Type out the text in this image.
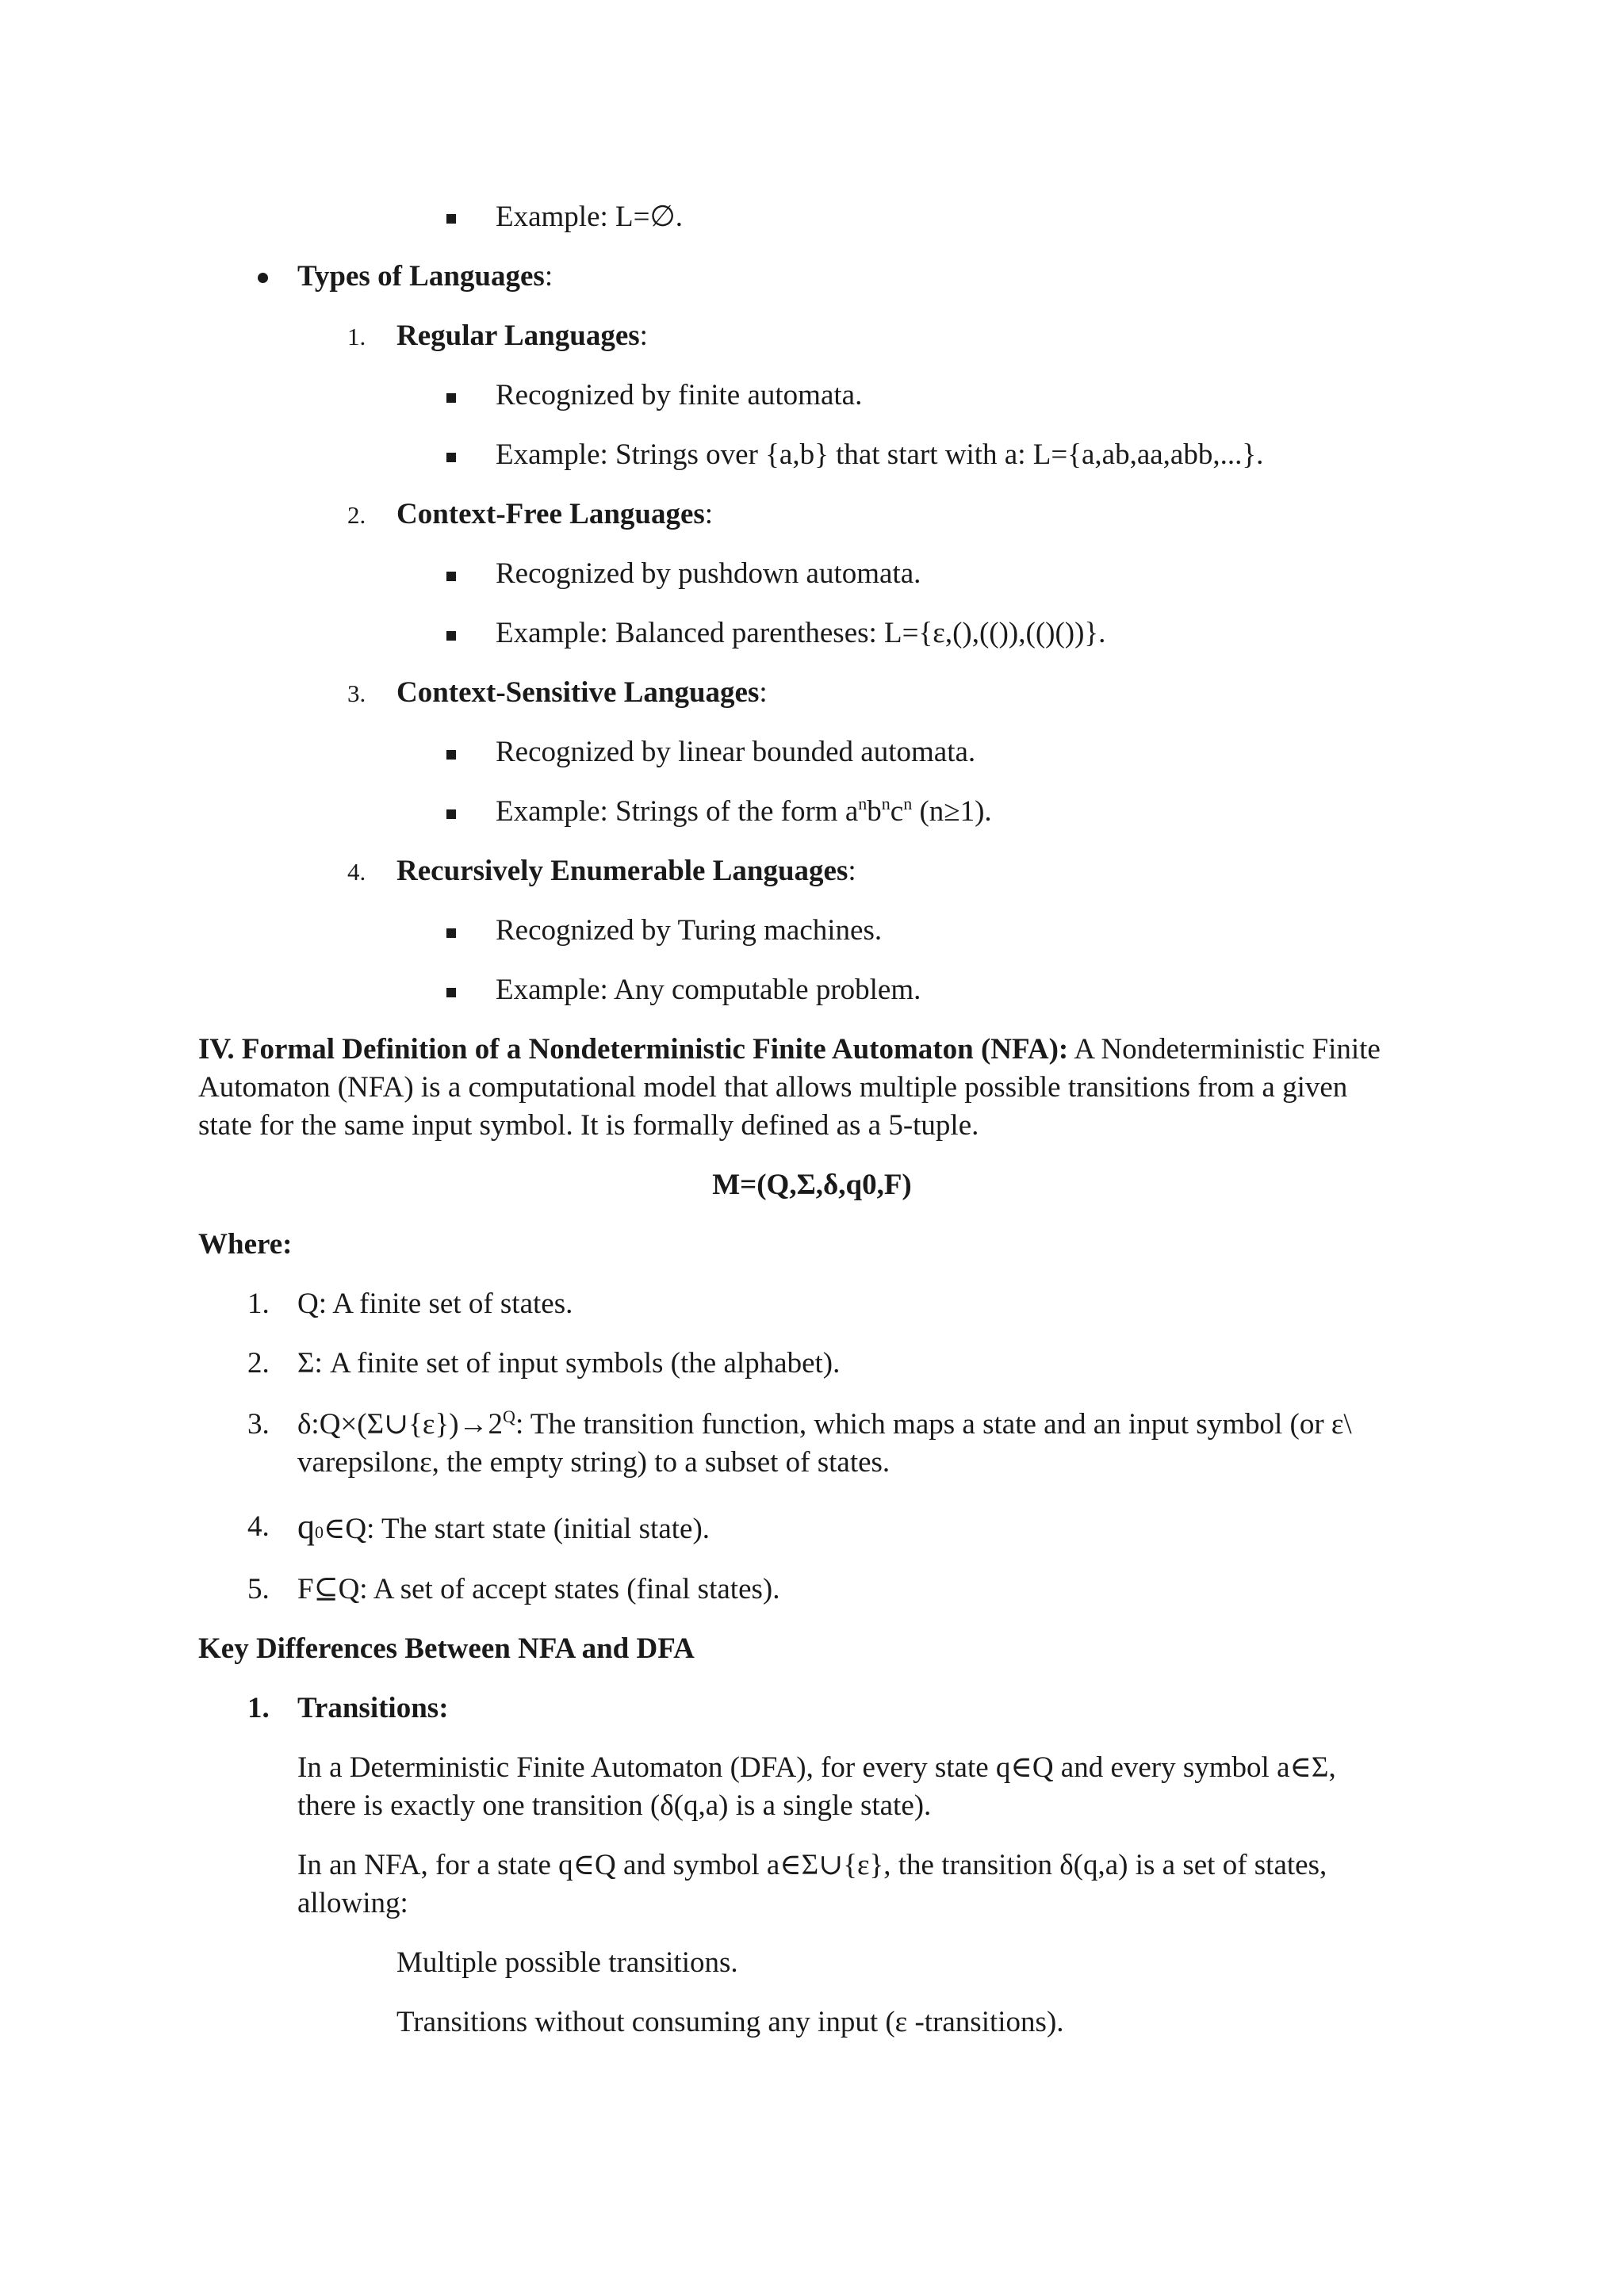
Example: L=∅.
Types of Languages:
1. Regular Languages:
Recognized by finite automata.
Example: Strings over {a,b} that start with a: L={a,ab,aa,abb,...}.
2. Context-Free Languages:
Recognized by pushdown automata.
Example: Balanced parentheses: L={ε,(),(()),(()())}.
3. Context-Sensitive Languages:
Recognized by linear bounded automata.
Example: Strings of the form $a^nb^nc^n$ (n≥1).
4. Recursively Enumerable Languages:
Recognized by Turing machines.
Example: Any computable problem.
IV. Formal Definition of a Nondeterministic Finite Automaton (NFA): A Nondeterministic Finite
Automaton (NFA) is a computational model that allows multiple possible transitions from a given
state for the same input symbol. It is formally defined as a 5-tuple.
M=(Q,Σ,δ,q0,F)
Where:
1. Q: A finite set of states.
2. Σ: A finite set of input symbols (the alphabet).
3. $\delta:Q\times(\Sigma\cup\{\varepsilon\})\to 2^Q$: The transition function, which maps a state and an input symbol (or ε\
varepsilonε, the empty string) to a subset of states.
4. q0∈Q: The start state (initial state).
5. F⊆Q: A set of accept states (final states).
Key Differences Between NFA and DFA
1. Transitions:
In a Deterministic Finite Automaton (DFA), for every state q∈Q and every symbol a∈Σ,
there is exactly one transition (δ(q,a) is a single state).
In an NFA, for a state q∈Q and symbol a∈Σ∪{ε}, the transition δ(q,a) is a set of states,
allowing:
Multiple possible transitions.
Transitions without consuming any input (ε -transitions).
